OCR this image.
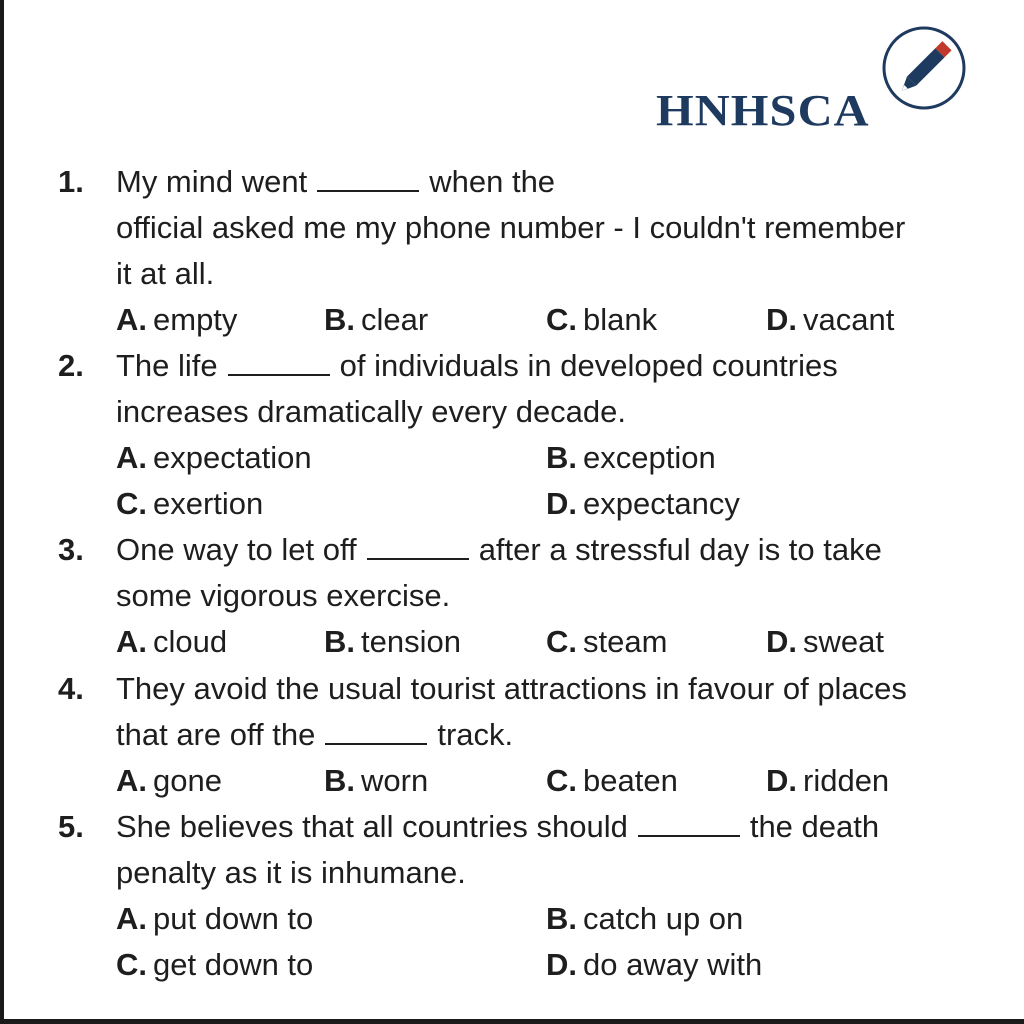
HNHSCA
1. My mind went	when the
official asked me my phone number - I couldn't remember
it at all.
A. empty	B. clear	C. blank	D. vacant
2. The life	of individuals in developed countries
increases dramatically every decade.
A. expectation	B. exception
C. exertion	D. expectancy
3. One way to let off	after a stressful day is to take
some vigorous exercise.
A. cloud	B. tension	C. steam	D. sweat
4. They avoid the usual tourist attractions in favour of places
that are off the	track.
A. gone	B. worn	C. beaten	D. ridden
5. She believes that all countries should	the death
penalty as it is inhumane.
A. put down to	B. catch up on
C. get down to	D. do away with
